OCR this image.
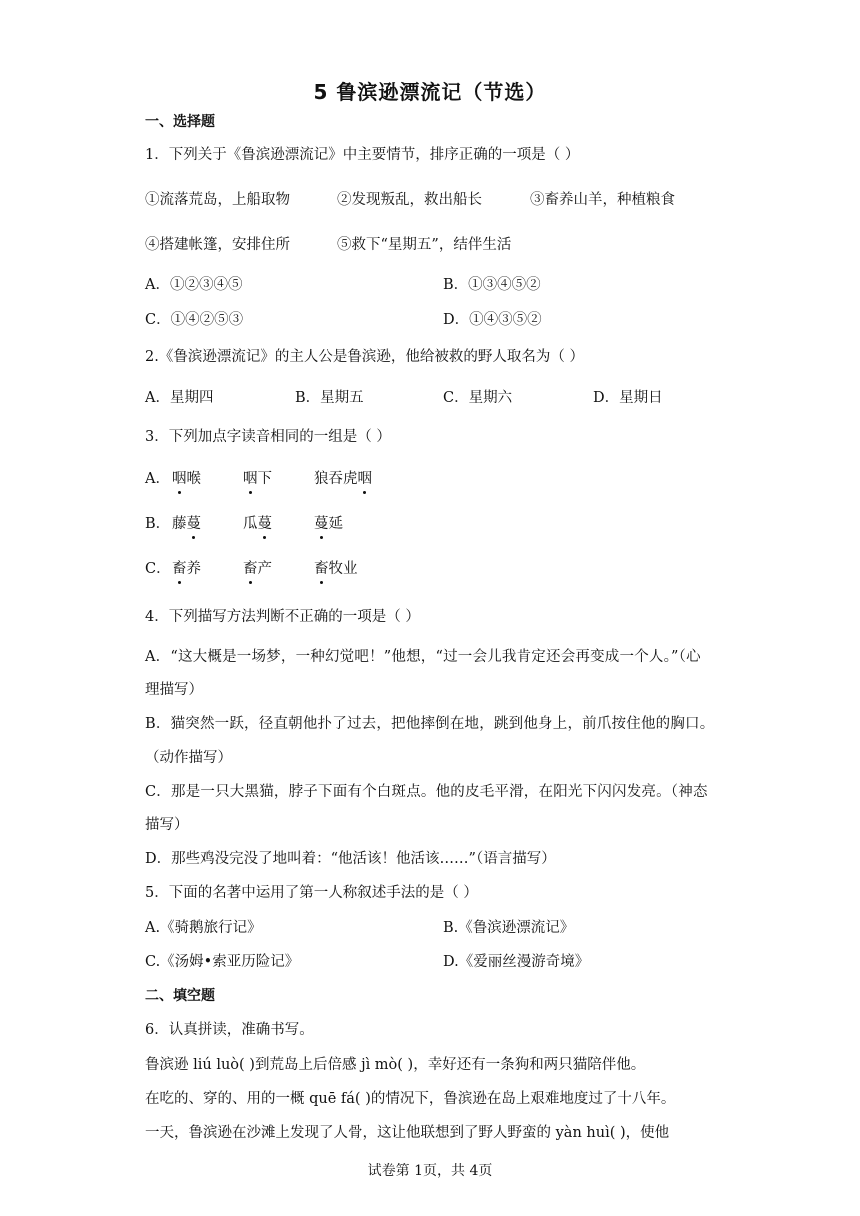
5 鲁滨逊漂流记（节选）
一、选择题
1．下列关于《鲁滨逊漂流记》中主要情节，排序正确的一项是（ ）
①流落荒岛，上船取物	②发现叛乱，救出船长	③畜养山羊，种植粮食
④搭建帐篷，安排住所	⑤救下“星期五”，结伴生活
A．①②③④⑤	B．①③④⑤②
C．①④②⑤③	D．①④③⑤②
2.《鲁滨逊漂流记》的主人公是鲁滨逊，他给被救的野人取名为（ ）
A．星期四	B．星期五	C．星期六	D．星期日
3．下列加点字读音相同的一组是（ ）
A． 咽喉	咽下	狼吞虎咽
B． 藤蔓	瓜蔓	蔓延
C． 畜养	畜产	畜牧业
4．下列描写方法判断不正确的一项是（ ）
A．“这大概是一场梦，一种幻觉吧！”他想，“过一会儿我肯定还会再变成一个人。”（心
理描写）
B．猫突然一跃，径直朝他扑了过去，把他摔倒在地，跳到他身上，前爪按住他的胸口。
（动作描写）
C．那是一只大黑猫，脖子下面有个白斑点。他的皮毛平滑，在阳光下闪闪发亮。（神态
描写）
D．那些鸡没完没了地叫着：“他活该！他活该……”（语言描写）
5．下面的名著中运用了第一人称叙述手法的是（ ）
A.《骑鹅旅行记》	B.《鲁滨逊漂流记》
C.《汤姆•索亚历险记》	D.《爱丽丝漫游奇境》
二、填空题
6．认真拼读，准确书写。
鲁滨逊 liú luò( )到荒岛上后倍感 jì mò( )，幸好还有一条狗和两只猫陪伴他。
在吃的、穿的、用的一概 quē fá( )的情况下，鲁滨逊在岛上艰难地度过了十八年。
一天，鲁滨逊在沙滩上发现了人骨，这让他联想到了野人野蛮的 yàn huì( )，使他
试卷第 1页，共 4页
